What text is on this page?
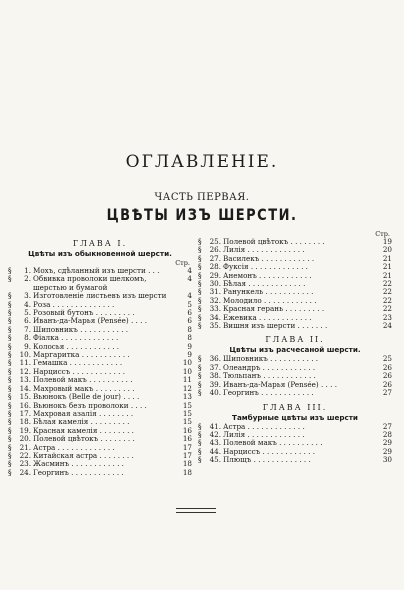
ОГЛАВЛЕНІЕ.
ЧАСТЬ ПЕРВАЯ.
ЦВѢТЫ ИЗЪ ШЕРСТИ.
ГЛАВА I.
Цвѣты изъ обыкновенной шерсти.
Стр.
§	1. Мохъ, сдѣланный изъ шерсти . . .	4
§	2. Обвивка проволоки шелкомъ, шерстью и бумагой
4
§	3. Изготовленіе листьевъ изъ шерсти	4
§	4. Роза . . . . . . . . . . . . . .	5
§	5. Розовый бутонъ . . . . . . . . .	6
§	6. Иванъ-да-Марья (Pensée) . . . .	6
§	7. Шиповникъ . . . . . . . . . . .	8
§	8. Фіалка . . . . . . . . . . . . .	8
§	9. Колосья . . . . . . . . . . . .	9
§	10. Маргаритка . . . . . . . . . . .	9
§	11. Гемашка . . . . . . . . . . . .	10
§	12. Нарциссъ . . . . . . . . . . . .	10
§	13. Полевой макъ . . . . . . . . . .	11
§	14. Махровый макъ . . . . . . . . .	12
§	15. Вьюнокъ (Belle de jour) . . . .	13
§	16. Вьюнокъ безъ проволоки . . . .	15
§	17. Махровая азалія . . . . . . . .	15
§	18. Бѣлая камелія . . . . . . . . .	15
§	19. Красная камелія . . . . . . . .	16
§	20. Полевой цвѣтокъ . . . . . . . .	16
§	21. Астра . . . . . . . . . . . . .	17
§	22. Китайская астра . . . . . . . .	17
§	23. Жасминъ . . . . . . . . . . . .	18
§	24. Георгинъ . . . . . . . . . . . .	18
Стр.
§	25. Полевой цвѣтокъ . . . . . . . .	19
§	26. Лилія . . . . . . . . . . . . .	20
§	27. Василекъ . . . . . . . . . . . .	21
§	28. Фуксія . . . . . . . . . . . . .	21
§	29. Анемонъ . . . . . . . . . . . .	21
§	30. Бѣлая . . . . . . . . . . . . .	22
§	31. Ранункель . . . . . . . . . . .	22
§	32. Молодило . . . . . . . . . . . .	22
§	33. Красная герань . . . . . . . . .	22
§	34. Ежевика . . . . . . . . . . . .	23
§	35. Вишня изъ шерсти . . . . . . .	24
ГЛАВА II.
Цвѣты изъ расчесаной шерсти.
§	36. Шиповникъ . . . . . . . . . . .	25
§	37. Олеандръ . . . . . . . . . . . .	26
§	38. Тюльпанъ . . . . . . . . . . . .	26
§	39. Иванъ-да-Марья (Pensée) . . . .	26
§	40. Георгинъ . . . . . . . . . . . .	27
ГЛАВА III.
Тамбурные цвѣты изъ шерсти
§	41. Астра . . . . . . . . . . . . .	27
§	42. Лилія . . . . . . . . . . . . .	28
§	43. Полевой макъ . . . . . . . . . .	29
§	44. Нарциссъ . . . . . . . . . . . .	29
§	45. Плющъ . . . . . . . . . . . . .	30
